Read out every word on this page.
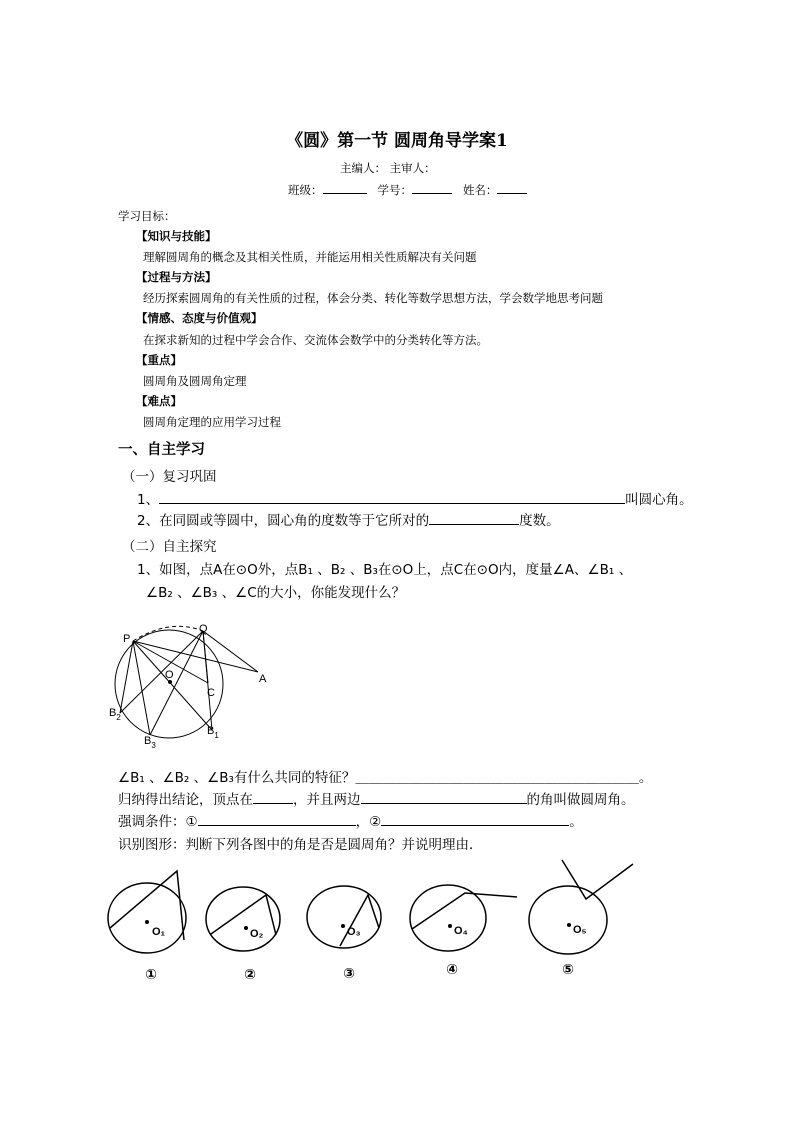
《圆》第一节 圆周角导学案1
主编人： 主审人：
班级：	学号：	姓名：
学习目标：
【知识与技能】
理解圆周角的概念及其相关性质，并能运用相关性质解决有关问题
【过程与方法】
经历探索圆周角的有关性质的过程，体会分类、转化等数学思想方法，学会数学地思考问题
【情感、态度与价值观】
在探求新知的过程中学会合作、交流体会数学中的分类转化等方法。
【重点】
圆周角及圆周角定理
【难点】
圆周角定理的应用学习过程
一、自主学习
（一）复习巩固
1、	叫圆心角。
2、在同圆或等圆中，圆心角的度数等于它所对的	度数。
（二）自主探究
1、如图，点A在⊙O外，点B₁ 、B₂ 、B₃在⊙O上，点C在⊙O内，度量∠A、∠B₁ 、
∠B₂ 、∠B₃ 、∠C的大小，你能发现什么？
P
Q
O
C
A
$B_2$
$B_3$
$B_1$
∠B₁ 、∠B₂ 、∠B₃有什么共同的特征？＿＿＿＿＿＿＿＿＿＿＿＿＿＿＿＿＿＿＿＿＿。
归纳得出结论，顶点在	，并且两边	的角叫做圆周角。
强调条件：①	，②	。
识别图形：判断下列各图中的角是否是圆周角？并说明理由．
O₁	O₂	O₃	O₄	O₅
①	②	③	④	⑤
